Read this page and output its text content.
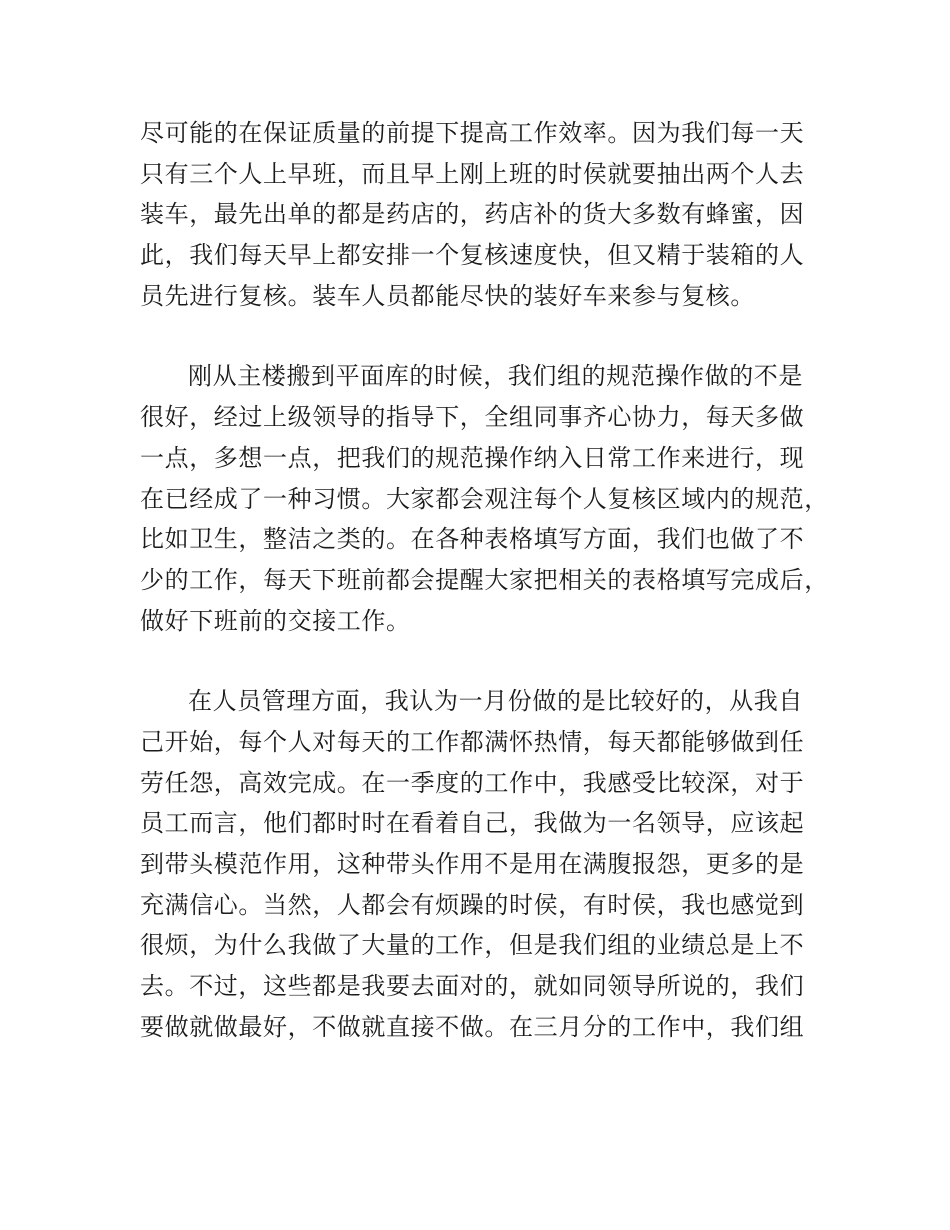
尽可能的在保证质量的前提下提高工作效率。因为我们每一天
只有三个人上早班，而且早上刚上班的时侯就要抽出两个人去
装车，最先出单的都是药店的，药店补的货大多数有蜂蜜，因
此，我们每天早上都安排一个复核速度快，但又精于装箱的人
员先进行复核。装车人员都能尽快的装好车来参与复核。

刚从主楼搬到平面库的时候，我们组的规范操作做的不是
很好，经过上级领导的指导下，全组同事齐心协力，每天多做
一点，多想一点，把我们的规范操作纳入日常工作来进行，现
在已经成了一种习惯。大家都会观注每个人复核区域内的规范，
比如卫生，整洁之类的。在各种表格填写方面，我们也做了不
少的工作，每天下班前都会提醒大家把相关的表格填写完成后，
做好下班前的交接工作。

在人员管理方面，我认为一月份做的是比较好的，从我自
己开始，每个人对每天的工作都满怀热情，每天都能够做到任
劳任怨，高效完成。在一季度的工作中，我感受比较深，对于
员工而言，他们都时时在看着自己，我做为一名领导，应该起
到带头模范作用，这种带头作用不是用在满腹报怨，更多的是
充满信心。当然，人都会有烦躁的时侯，有时侯，我也感觉到
很烦，为什么我做了大量的工作，但是我们组的业绩总是上不
去。不过，这些都是我要去面对的，就如同领导所说的，我们
要做就做最好，不做就直接不做。在三月分的工作中，我们组
